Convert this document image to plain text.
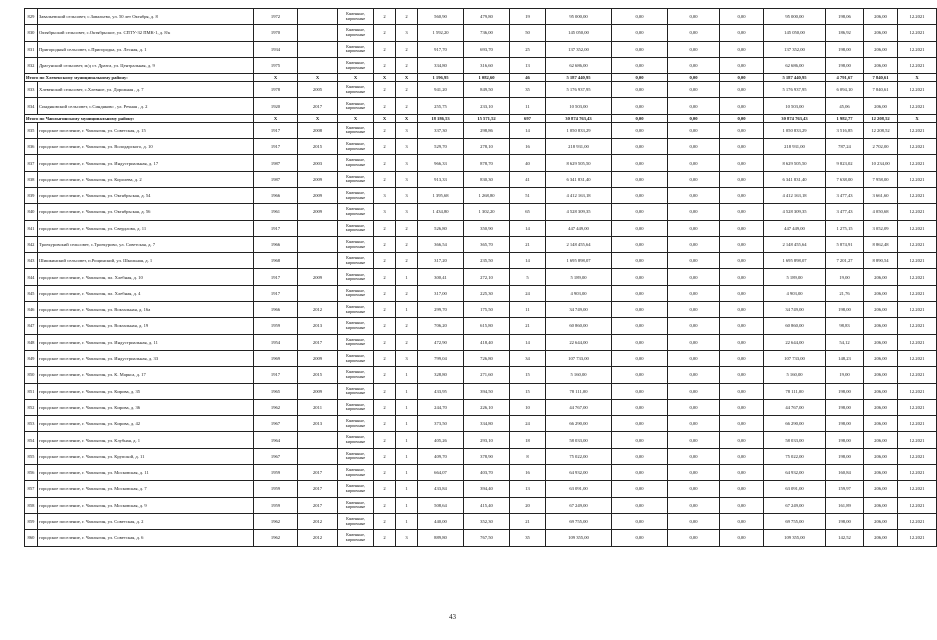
829	Завальевский сельсовет, с.Завальево, ул. 50 лет Октября, д. 8	1972		Каменные, кирпичные	2	2	560,90	479,80	19	95 000,00	0,00	0,00	0,00	95 000,00	198,06	206,00	12.2021
830	Октябрьский сельсовет, с.Октябрьское, ул. СПТУ-32 ПМК-1, д. 8/к	1970		Каменные, кирпичные	2	3	1 592,20	736,00	50	145 050,00	0,00	0,00	0,00	145 050,00	186,92	206,00	12.2021
831	Пригородный сельсовет, с.Пригородка, ул. Лесная, д. 1	1934		Каменные, кирпичные	2	2	917,70	693,70	25	137 352,00	0,00	0,00	0,00	137 352,00	198,00	206,00	12.2021
832	Драгунский сельсовет, м/д ст. Дразга, ул. Центральная, д. 9	1975		Каменные, кирпичные	2	2	334,80	316,60	13	62 686,00	0,00	0,00	0,00	62 686,00	198,00	206,00	12.2021
Итого по Хлевенскому муниципальному району:		X	X	X	X	X	1 196,95	1 082,60	46	5 187 440,95	0,00	0,00	0,00	5 187 440,95	4 791,67	7 840,61	X
833	Хлевенский сельсовет, с.Хлевное, ул. Дорожная , д. 7	1978	2005	Каменные, кирпичные	2	2	941,20	849,50	35	5 176 937,95	0,00	0,00	0,00	5 176 937,95	6 094,10	7 840,61	12.2021
834	Синдяковский сельсовет, с.Синдяково , ул. Речная , д. 2	1920	2017	Каменные, кирпичные	2	2	255,75	233,10	11	10 503,00	0,00	0,00	0,00	10 503,00	45,06	206,00	12.2021
Итого по Чаплыгинскому муниципальному району:		X	X	X	X	X	18 186,53	15 571,52	697	30 874 763,43	0,00	0,00	0,00	30 874 763,43	1 982,77	12 208,52	X
835	городское поселение, г. Чаплыгин, ул. Советская, д. 15	1917	2008	Каменные, кирпичные	2	3	337,30	298,86	14	1 050 833,29	0,00	0,00	0,00	1 050 833,29	3 516,85	12 208,52	12.2021
836	городское поселение, г. Чаплыгин, ул. Володарского, д. 10	1917	2015	Каменные, кирпичные	2	3	529,70	278,10	16	218 931,00	0,00	0,00	0,00	218 931,00	787,24	2 702,00	12.2021
837	городское поселение, г. Чаплыгин, ул. Индустриальная, д. 17	1987	2003	Каменные, кирпичные	2	3	966,33	878,70	40	8 629 505,50	0,00	0,00	0,00	8 629 505,50	9 823,02	10 234,00	12.2021
838	городское поселение, г. Чаплыгин, ул. Королева, д. 2	1987	2009	Каменные, кирпичные	2	3	913,33	830,30	41	6 341 831,40	0,00	0,00	0,00	6 341 831,40	7 638,00	7 958,00	12.2021
839	городское поселение, г. Чаплыгин, ул. Октябрьская, д. 54	1966	2009	Каменные, кирпичные	3	3	1 395,68	1 268,80	51	4 412 163,18	0,00	0,00	0,00	4 412 163,18	3 477,43	3 661,60	12.2021
840	городское поселение, г. Чаплыгин, ул. Октябрьская, д. 56	1961	2009	Каменные, кирпичные	3	3	1 434,80	1 302,20	65	4 528 309,35	0,00	0,00	0,00	4 528 309,35	3 477,43	4 050,68	12.2021
841	городское поселение, г. Чаплыгин, ул. Свердлова, д. 11	1917		Каменные, кирпичные	2	2	526,80	350,90	14	447 449,00	0,00	0,00	0,00	447 449,00	1 275,15	3 052,09	12.2021
842	Троекуровский сельсовет, с.Троекурово, ул. Советская, д. 7	1966		Каменные, кирпичные	2	2	366,54	365,70	21	2 148 455,64	0,00	0,00	0,00	2 148 455,64	5 874,91	8 862,48	12.2021
843	Шишкинский сельсовет, п.Рощинский, ул. Школьная, д. 1	1968		Каменные, кирпичные	2	2	317,20	235,50	14	1 695 898,07	0,00	0,00	0,00	1 695 898,07	7 201,27	8 890,54	12.2021
844	городское поселение, г. Чаплыгин, пл. Хлебная, д. 10	1917	2009	Каменные, кирпичные	2	1	300,41	272,10	5	5 189,00	0,00	0,00	0,00	5 189,00	19,00	206,00	12.2021
845	городское поселение, г. Чаплыгин, пл. Хлебная, д. 4	1917		Каменные, кирпичные	2	2	317,00	225,30	24	4 903,00	0,00	0,00	0,00	4 903,00	21,76	206,00	12.2021
846	городское поселение, г. Чаплыгин, ул. Вокзальная, д. 16а	1966	2012	Каменные, кирпичные	2	1	299,70	175,50	11	34 749,00	0,00	0,00	0,00	34 749,00	198,00	206,00	12.2021
847	городское поселение, г. Чаплыгин, ул. Вокзальная, д. 19	1959	2013	Каменные, кирпичные	2	2	706,20	615,80	21	60 860,00	0,00	0,00	0,00	60 860,00	98,83	206,00	12.2021
848	городское поселение, г. Чаплыгин, ул. Индустриальная, д. 11	1954	2017	Каменные, кирпичные	2	2	472,90	418,40	14	22 644,00	0,00	0,00	0,00	22 644,00	54,12	206,00	12.2021
849	городское поселение, г. Чаплыгин, ул. Индустриальная, д. 33	1969	2009	Каменные, кирпичные	2	3	799,04	726,80	34	107 733,00	0,00	0,00	0,00	107 733,00	148,23	206,00	12.2021
850	городское поселение, г. Чаплыгин, ул. К. Маркса, д. 17	1917	2015	Каменные, кирпичные	2	1	328,80	271,60	15	5 160,00	0,00	0,00	0,00	5 160,00	19,00	206,00	12.2021
851	городское поселение, г. Чаплыгин, ул. Кирова, д. 35	1965	2009	Каменные, кирпичные	2	1	433,95	394,50	15	78 111,00	0,00	0,00	0,00	78 111,00	198,00	206,00	12.2021
852	городское поселение, г. Чаплыгин, ул. Кирова, д. 36	1962	2011	Каменные, кирпичные	2	1	244,70	226,10	10	44 767,00	0,00	0,00	0,00	44 767,00	198,00	206,00	12.2021
853	городское поселение, г. Чаплыгин, ул. Кирова, д. 42	1967	2013	Каменные, кирпичные	2	1	373,50	334,80	24	66 290,00	0,00	0,00	0,00	66 290,00	198,00	206,00	12.2021
854	городское поселение, г. Чаплыгин, ул. Клубная, д. 1	1964		Каменные, кирпичные	2	1	405,26	293,10	18	58 033,00	0,00	0,00	0,00	58 033,00	198,00	206,00	12.2021
855	городское поселение, г. Чаплыгин, ул. Крупской, д. 11	1967		Каменные, кирпичные	2	1	409,70	378,90	8	75 022,00	0,00	0,00	0,00	75 022,00	198,00	206,00	12.2021
856	городское поселение, г. Чаплыгин, ул. Московская, д. 11	1959	2017	Каменные, кирпичные	2	1	664,07	403,70	16	64 932,00	0,00	0,00	0,00	64 932,00	160,84	206,00	12.2021
857	городское поселение, г. Чаплыгин, ул. Московская, д. 7	1959	2017	Каменные, кирпичные	2	1	433,84	394,40	13	63 091,00	0,00	0,00	0,00	63 091,00	159,97	206,00	12.2021
858	городское поселение, г. Чаплыгин, ул. Московская, д. 9	1959	2017	Каменные, кирпичные	2	1	508,64	415,40	20	67 249,00	0,00	0,00	0,00	67 249,00	161,89	206,00	12.2021
859	городское поселение, г. Чаплыгин, ул. Советская, д. 2	1962	2012	Каменные, кирпичные	2	1	440,00	352,30	21	69 755,00	0,00	0,00	0,00	69 755,00	198,00	206,00	12.2021
860	городское поселение, г. Чаплыгин, ул. Советская, д. 6	1962	2012	Каменные, кирпичные	2	3	889,80	767,50	35	109 355,00	0,00	0,00	0,00	109 355,00	142,52	206,00	12.2021
43
